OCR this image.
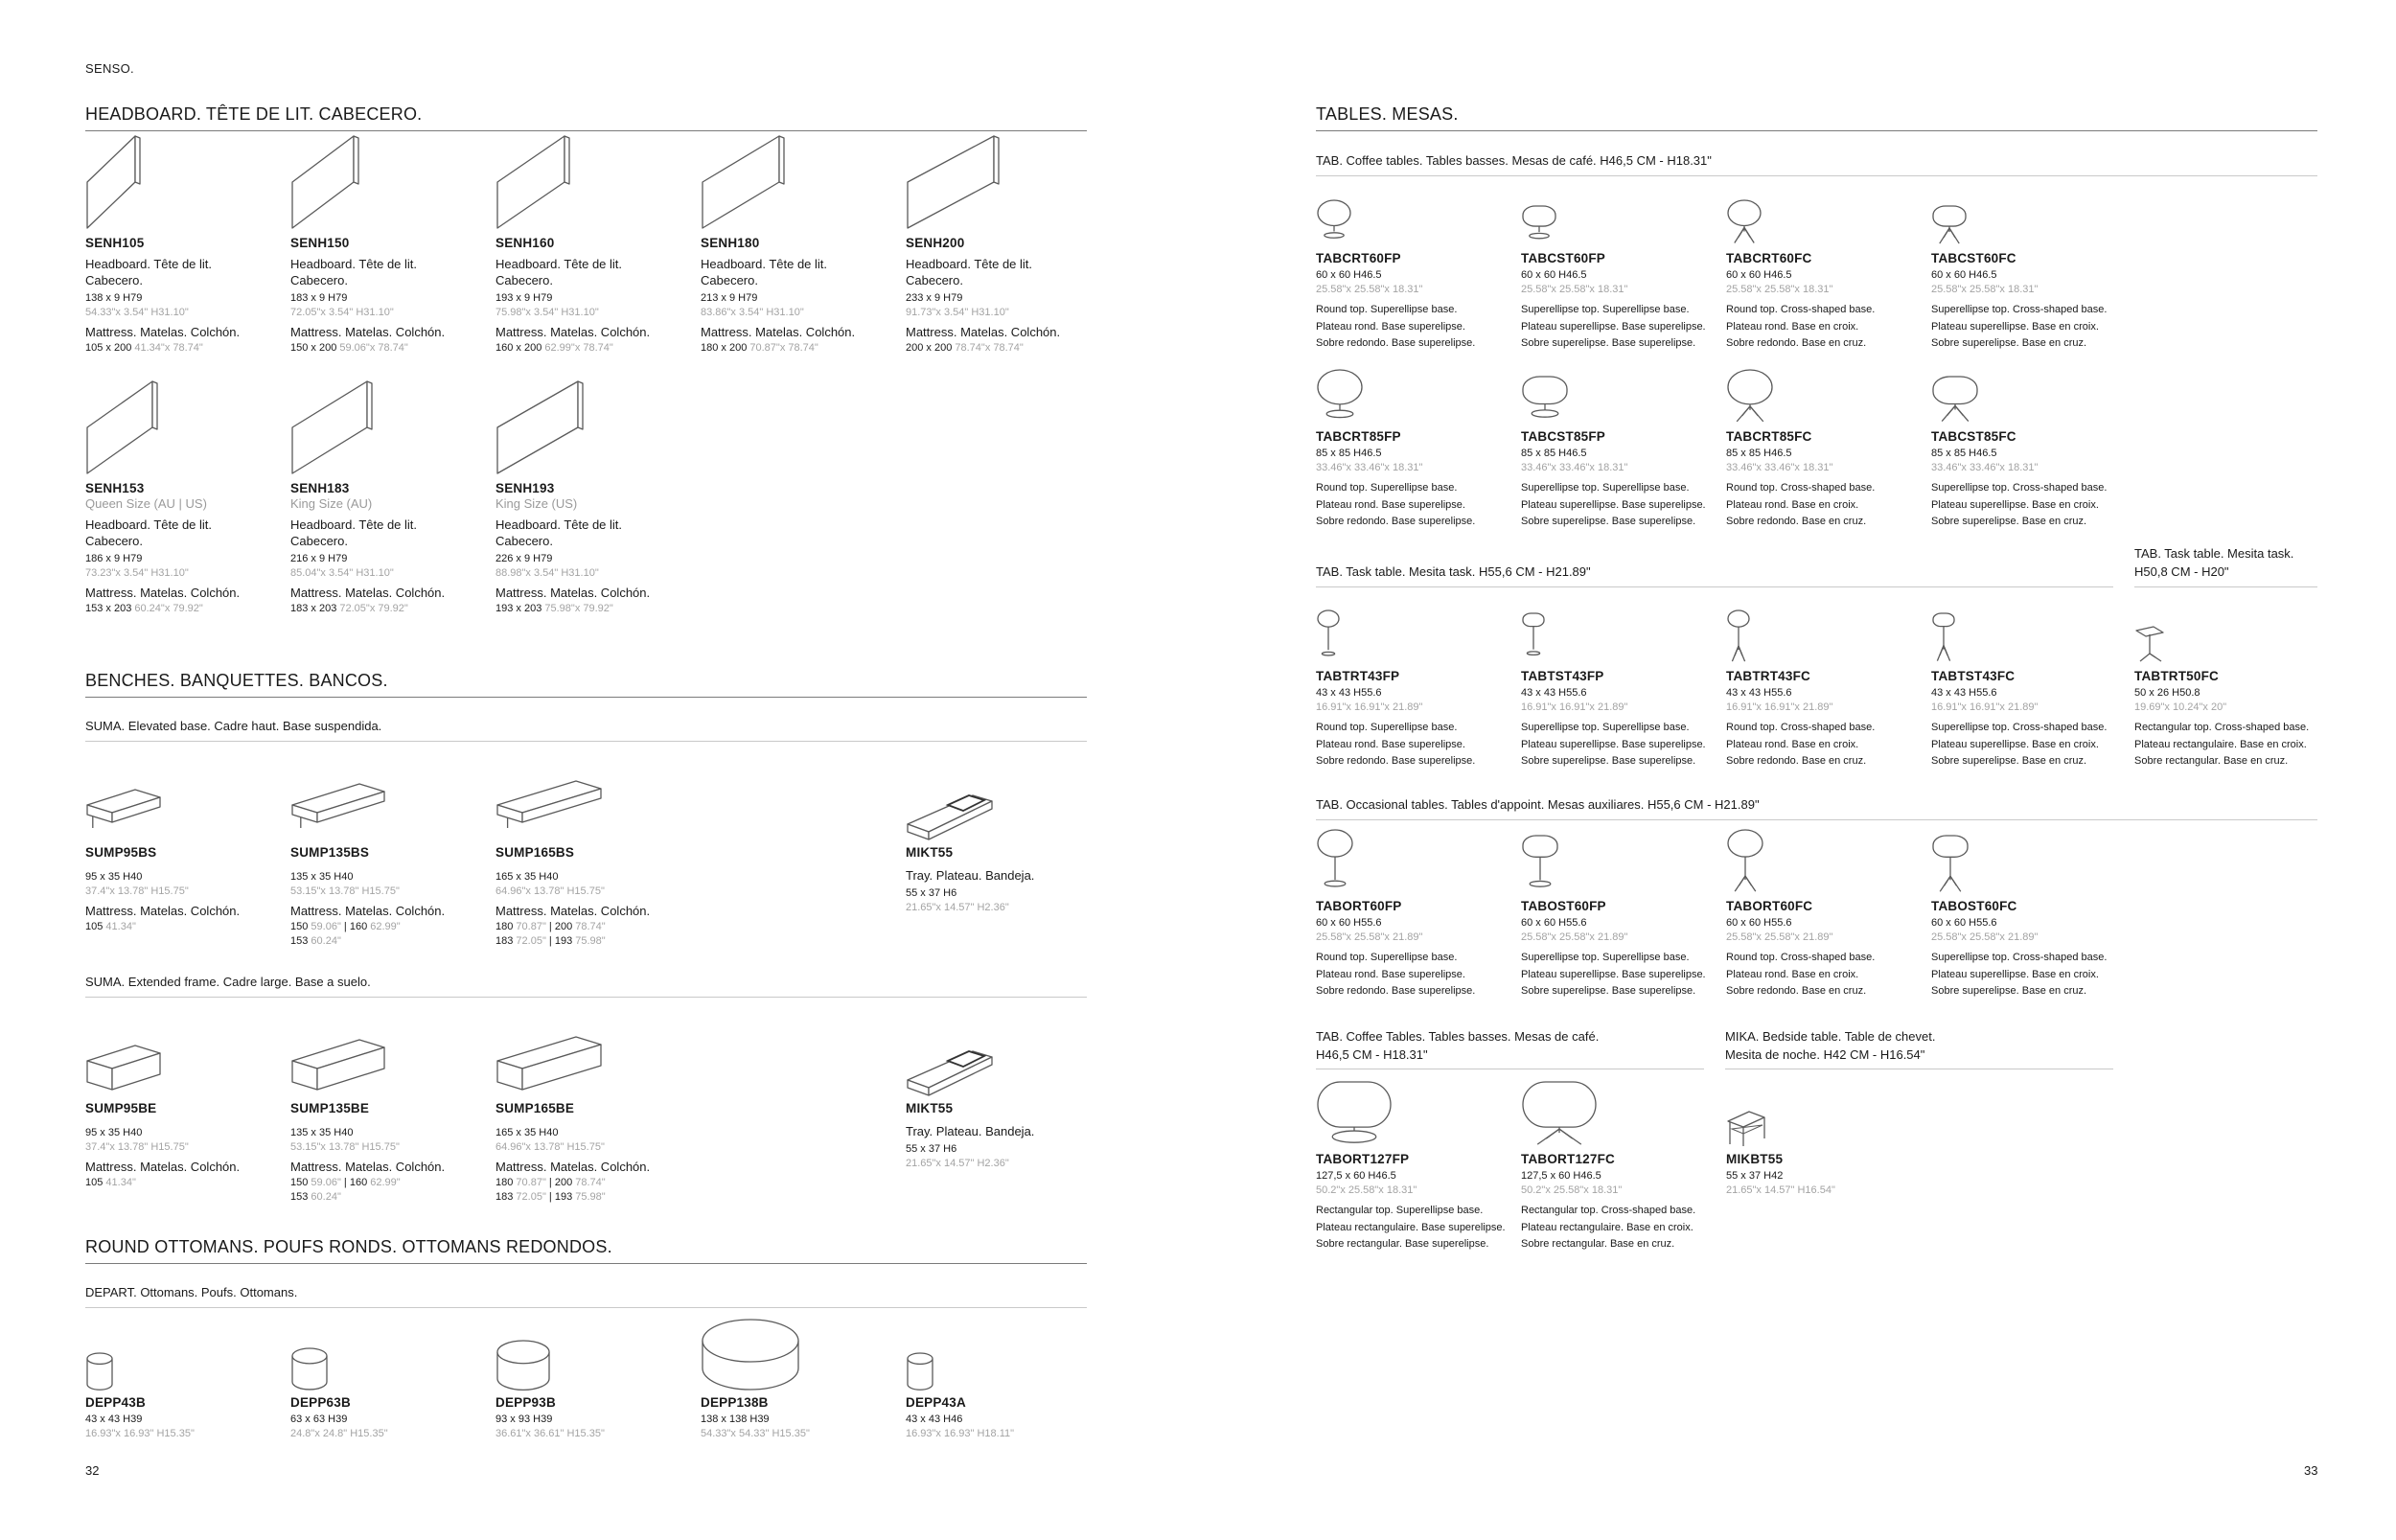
SENSO.
HEADBOARD. TÊTE DE LIT. CABECERO.
SENH105
Headboard. Tête de lit.
Cabecero.
138 x 9 H79
54.33"x 3.54" H31.10"
Mattress. Matelas. Colchón.
105 x 200 41.34"x 78.74"
SENH150
Headboard. Tête de lit.
Cabecero.
183 x 9 H79
72.05"x 3.54" H31.10"
Mattress. Matelas. Colchón.
150 x 200 59.06"x 78.74"
SENH160
Headboard. Tête de lit.
Cabecero.
193 x 9 H79
75.98"x 3.54" H31.10"
Mattress. Matelas. Colchón.
160 x 200 62.99"x 78.74"
SENH180
Headboard. Tête de lit.
Cabecero.
213 x 9 H79
83.86"x 3.54" H31.10"
Mattress. Matelas. Colchón.
180 x 200 70.87"x 78.74"
SENH200
Headboard. Tête de lit.
Cabecero.
233 x 9 H79
91.73"x 3.54" H31.10"
Mattress. Matelas. Colchón.
200 x 200 78.74"x 78.74"
SENH153
Queen Size (AU | US)
Headboard. Tête de lit.
Cabecero.
186 x 9 H79
73.23"x 3.54" H31.10"
Mattress. Matelas. Colchón.
153 x 203 60.24"x 79.92"
SENH183
King Size (AU)
Headboard. Tête de lit.
Cabecero.
216 x 9 H79
85.04"x 3.54" H31.10"
Mattress. Matelas. Colchón.
183 x 203 72.05"x 79.92"
SENH193
King Size (US)
Headboard. Tête de lit.
Cabecero.
226 x 9 H79
88.98"x 3.54" H31.10"
Mattress. Matelas. Colchón.
193 x 203 75.98"x 79.92"
BENCHES. BANQUETTES. BANCOS.
SUMA. Elevated base. Cadre haut. Base suspendida.
SUMA. Extended frame. Cadre large. Base a suelo.
SUMP95BS
95 x 35 H40
37.4"x 13.78" H15.75"
Mattress. Matelas. Colchón.
105 41.34"
SUMP135BS
135 x 35 H40
53.15"x 13.78" H15.75"
Mattress. Matelas. Colchón.
150 59.06" | 160 62.99"
153 60.24"
SUMP165BS
165 x 35 H40
64.96"x 13.78" H15.75"
Mattress. Matelas. Colchón.
180 70.87" | 200 78.74"
183 72.05" | 193 75.98"
MIKT55
Tray. Plateau. Bandeja.
55 x 37 H6
21.65"x 14.57" H2.36"
SUMP95BE
95 x 35 H40
37.4"x 13.78" H15.75"
Mattress. Matelas. Colchón.
105 41.34"
SUMP135BE
135 x 35 H40
53.15"x 13.78" H15.75"
Mattress. Matelas. Colchón.
150 59.06" | 160 62.99"
153 60.24"
SUMP165BE
165 x 35 H40
64.96"x 13.78" H15.75"
Mattress. Matelas. Colchón.
180 70.87" | 200 78.74"
183 72.05" | 193 75.98"
MIKT55
Tray. Plateau. Bandeja.
55 x 37 H6
21.65"x 14.57" H2.36"
ROUND OTTOMANS. POUFS RONDS. OTTOMANS REDONDOS.
DEPART. Ottomans. Poufs. Ottomans.
DEPP43B
43 x 43 H39
16.93"x 16.93" H15.35"
DEPP63B
63 x 63 H39
24.8"x 24.8" H15.35"
DEPP93B
93 x 93 H39
36.61"x 36.61" H15.35"
DEPP138B
138 x 138 H39
54.33"x 54.33" H15.35"
DEPP43A
43 x 43 H46
16.93"x 16.93" H18.11"
32
TABLES. MESAS.
TAB. Coffee tables. Tables basses. Mesas de café. H46,5 CM - H18.31"
TAB. Task table. Mesita task. H55,6 CM - H21.89"
TAB. Task table. Mesita task.
H50,8 CM - H20"
TAB. Occasional tables. Tables d'appoint. Mesas auxiliares. H55,6 CM - H21.89"
TAB. Coffee Tables. Tables basses. Mesas de café.
H46,5 CM - H18.31"
MIKA. Bedside table. Table de chevet.
Mesita de noche. H42 CM - H16.54"
TABCRT60FP
60 x 60 H46.5
25.58"x 25.58"x 18.31"
Round top. Superellipse base.
Plateau rond. Base superelipse.
Sobre redondo. Base superelipse.
TABCST60FP
60 x 60 H46.5
25.58"x 25.58"x 18.31"
Superellipse top. Superellipse base.
Plateau superellipse. Base superelipse.
Sobre superelipse. Base superelipse.
TABCRT60FC
60 x 60 H46.5
25.58"x 25.58"x 18.31"
Round top. Cross-shaped base.
Plateau rond. Base en croix.
Sobre redondo. Base en cruz.
TABCST60FC
60 x 60 H46.5
25.58"x 25.58"x 18.31"
Superellipse top. Cross-shaped base.
Plateau superellipse. Base en croix.
Sobre superelipse. Base en cruz.
TABCRT85FP
85 x 85 H46.5
33.46"x 33.46"x 18.31"
Round top. Superellipse base.
Plateau rond. Base superelipse.
Sobre redondo. Base superelipse.
TABCST85FP
85 x 85 H46.5
33.46"x 33.46"x 18.31"
Superellipse top. Superellipse base.
Plateau superellipse. Base superelipse.
Sobre superelipse. Base superelipse.
TABCRT85FC
85 x 85 H46.5
33.46"x 33.46"x 18.31"
Round top. Cross-shaped base.
Plateau rond. Base en croix.
Sobre redondo. Base en cruz.
TABCST85FC
85 x 85 H46.5
33.46"x 33.46"x 18.31"
Superellipse top. Cross-shaped base.
Plateau superellipse. Base en croix.
Sobre superelipse. Base en cruz.
TABTRT43FP
43 x 43 H55.6
16.91"x 16.91"x 21.89"
Round top. Superellipse base.
Plateau rond. Base superelipse.
Sobre redondo. Base superelipse.
TABTST43FP
43 x 43 H55.6
16.91"x 16.91"x 21.89"
Superellipse top. Superellipse base.
Plateau superellipse. Base superelipse.
Sobre superelipse. Base superelipse.
TABTRT43FC
43 x 43 H55.6
16.91"x 16.91"x 21.89"
Round top. Cross-shaped base.
Plateau rond. Base en croix.
Sobre redondo. Base en cruz.
TABTST43FC
43 x 43 H55.6
16.91"x 16.91"x 21.89"
Superellipse top. Cross-shaped base.
Plateau superellipse. Base en croix.
Sobre superelipse. Base en cruz.
TABTRT50FC
50 x 26 H50.8
19.69"x 10.24"x 20"
Rectangular top. Cross-shaped base.
Plateau rectangulaire. Base en croix.
Sobre rectangular. Base en cruz.
TABORT60FP
60 x 60 H55.6
25.58"x 25.58"x 21.89"
Round top. Superellipse base.
Plateau rond. Base superelipse.
Sobre redondo. Base superelipse.
TABOST60FP
60 x 60 H55.6
25.58"x 25.58"x 21.89"
Superellipse top. Superellipse base.
Plateau superellipse. Base superelipse.
Sobre superelipse. Base superelipse.
TABORT60FC
60 x 60 H55.6
25.58"x 25.58"x 21.89"
Round top. Cross-shaped base.
Plateau rond. Base en croix.
Sobre redondo. Base en cruz.
TABOST60FC
60 x 60 H55.6
25.58"x 25.58"x 21.89"
Superellipse top. Cross-shaped base.
Plateau superellipse. Base en croix.
Sobre superelipse. Base en cruz.
TABORT127FP
127,5 x 60 H46.5
50.2"x 25.58"x 18.31"
Rectangular top. Superellipse base.
Plateau rectangulaire. Base superelipse.
Sobre rectangular. Base superelipse.
TABORT127FC
127,5 x 60 H46.5
50.2"x 25.58"x 18.31"
Rectangular top. Cross-shaped base.
Plateau rectangulaire. Base en croix.
Sobre rectangular. Base en cruz.
MIKBT55
55 x 37 H42
21.65"x 14.57" H16.54"
33
